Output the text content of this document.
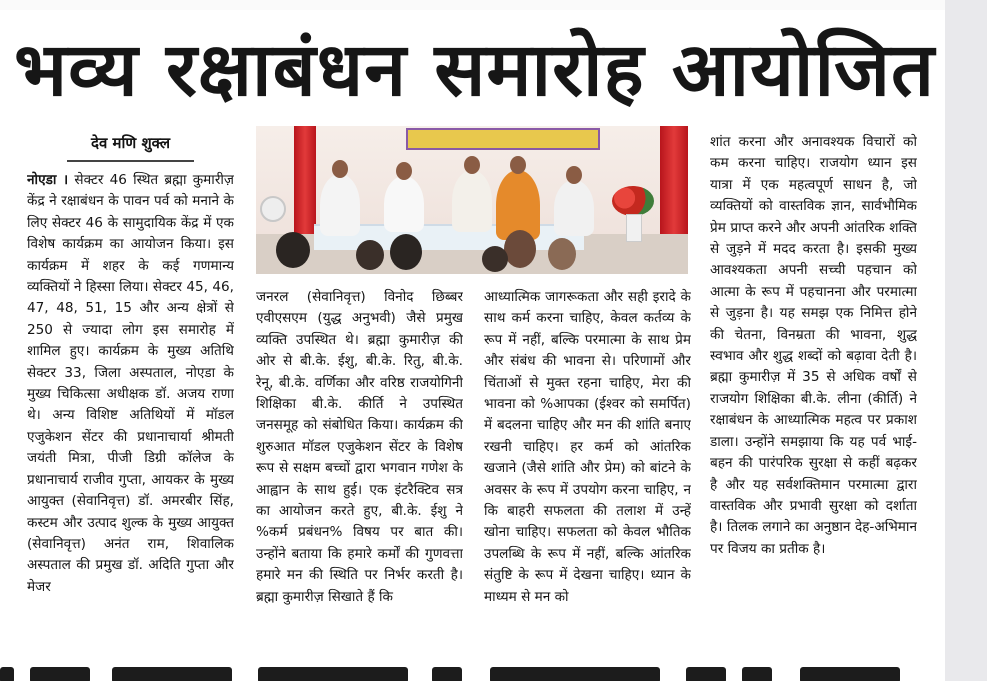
भव्य रक्षाबंधन समारोह आयोजित
देव मणि शुक्ल

नोएडा । सेक्टर 46 स्थित ब्रह्मा कुमारीज़ केंद्र ने रक्षाबंधन के पावन पर्व को मनाने के लिए सेक्टर 46 के सामुदायिक केंद्र में एक विशेष कार्यक्रम का आयोजन किया। इस कार्यक्रम में शहर के कई गणमान्य व्यक्तियों ने हिस्सा लिया। सेक्टर 45, 46, 47, 48, 51, 15 और अन्य क्षेत्रों से 250 से ज्यादा लोग इस समारोह में शामिल हुए। कार्यक्रम के मुख्य अतिथि सेक्टर 33, जिला अस्पताल, नोएडा के मुख्य चिकित्सा अधीक्षक डॉ. अजय राणा थे। अन्य विशिष्ट अतिथियों में मॉडल एजुकेशन सेंटर की प्रधानाचार्या श्रीमती जयंती मित्रा, पीजी डिग्री कॉलेज के प्रधानाचार्य राजीव गुप्ता, आयकर के मुख्य आयुक्त (सेवानिवृत्त) डॉ. अमरबीर सिंह, कस्टम और उत्पाद शुल्क के मुख्य आयुक्त (सेवानिवृत्त) अनंत राम, शिवालिक अस्पताल की प्रमुख डॉ. अदिति गुप्ता और मेजर

जनरल (सेवानिवृत्त) विनोद छिब्बर एवीएसएम (युद्ध अनुभवी) जैसे प्रमुख व्यक्ति उपस्थित थे। ब्रह्मा कुमारीज़ की ओर से बी.के. ईशु, बी.के. रितु, बी.के. रेनू, बी.के. वर्णिका और वरिष्ठ राजयोगिनी शिक्षिका बी.के. कीर्ति ने उपस्थित जनसमूह को संबोधित किया। कार्यक्रम की शुरुआत मॉडल एजुकेशन सेंटर के विशेष रूप से सक्षम बच्चों द्वारा भगवान गणेश के आह्वान के साथ हुई। एक इंटरैक्टिव सत्र का आयोजन करते हुए, बी.के. ईशु ने %कर्म प्रबंधन% विषय पर बात की। उन्होंने बताया कि हमारे कर्मों की गुणवत्ता हमारे मन की स्थिति पर निर्भर करती है। ब्रह्मा कुमारीज़ सिखाते हैं कि

आध्यात्मिक जागरूकता और सही इरादे के साथ कर्म करना चाहिए, केवल कर्तव्य के रूप में नहीं, बल्कि परमात्मा के साथ प्रेम और संबंध की भावना से। परिणामों और चिंताओं से मुक्त रहना चाहिए, मेरा की भावना को %आपका (ईश्वर को समर्पित) में बदलना चाहिए और मन की शांति बनाए रखनी चाहिए। हर कर्म को आंतरिक खजाने (जैसे शांति और प्रेम) को बांटने के अवसर के रूप में उपयोग करना चाहिए, न कि बाहरी सफलता की तलाश में उन्हें खोना चाहिए। सफलता को केवल भौतिक उपलब्धि के रूप में नहीं, बल्कि आंतरिक संतुष्टि के रूप में देखना चाहिए। ध्यान के माध्यम से मन को

शांत करना और अनावश्यक विचारों को कम करना चाहिए। राजयोग ध्यान इस यात्रा में एक महत्वपूर्ण साधन है, जो व्यक्तियों को वास्तविक ज्ञान, सार्वभौमिक प्रेम प्राप्त करने और अपनी आंतरिक शक्ति से जुड़ने में मदद करता है। इसकी मुख्य आवश्यकता अपनी सच्ची पहचान को आत्मा के रूप में पहचानना और परमात्मा से जुड़ना है। यह समझ एक निमित्त होने की चेतना, विनम्रता की भावना, शुद्ध स्वभाव और शुद्ध शब्दों को बढ़ावा देती है। ब्रह्मा कुमारीज़ में 35 से अधिक वर्षों से राजयोग शिक्षिका बी.के. लीना (कीर्ति) ने रक्षाबंधन के आध्यात्मिक महत्व पर प्रकाश डाला। उन्होंने समझाया कि यह पर्व भाई-बहन की पारंपरिक सुरक्षा से कहीं बढ़कर है और यह सर्वशक्तिमान परमात्मा द्वारा वास्तविक और प्रभावी सुरक्षा को दर्शाता है। तिलक लगाने का अनुष्ठान देह-अभिमान पर विजय का प्रतीक है।
